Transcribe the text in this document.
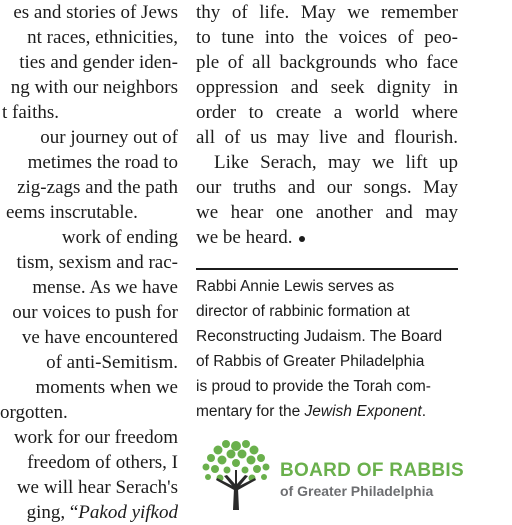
es and stories of Jews
nt races, ethnicities,
ties and gender iden-
ng with our neighbors
t faiths.
our journey out of
metimes the road to
zig-zags and the path
eems inscrutable.
work of ending
tism, sexism and rac-
mense. As we have
our voices to push for
ve have encountered
of anti-Semitism.
moments when we
orgotten.
work for our freedom
freedom of others, I
we will hear Serach's
ging, “Pakod yifkod
thy of life. May we remember
to tune into the voices of peo-
ple of all backgrounds who face
oppression and seek dignity in
order to create a world where
all of us may live and flourish.
Like Serach, may we lift up
our truths and our songs. May
we hear one another and may
we be heard.
Rabbi Annie Lewis serves as
director of rabbinic formation at
Reconstructing Judaism. The Board
of Rabbis of Greater Philadelphia
is proud to provide the Torah com-
mentary for the Jewish Exponent.
BOARD OF RABBIS
of Greater Philadelphia
